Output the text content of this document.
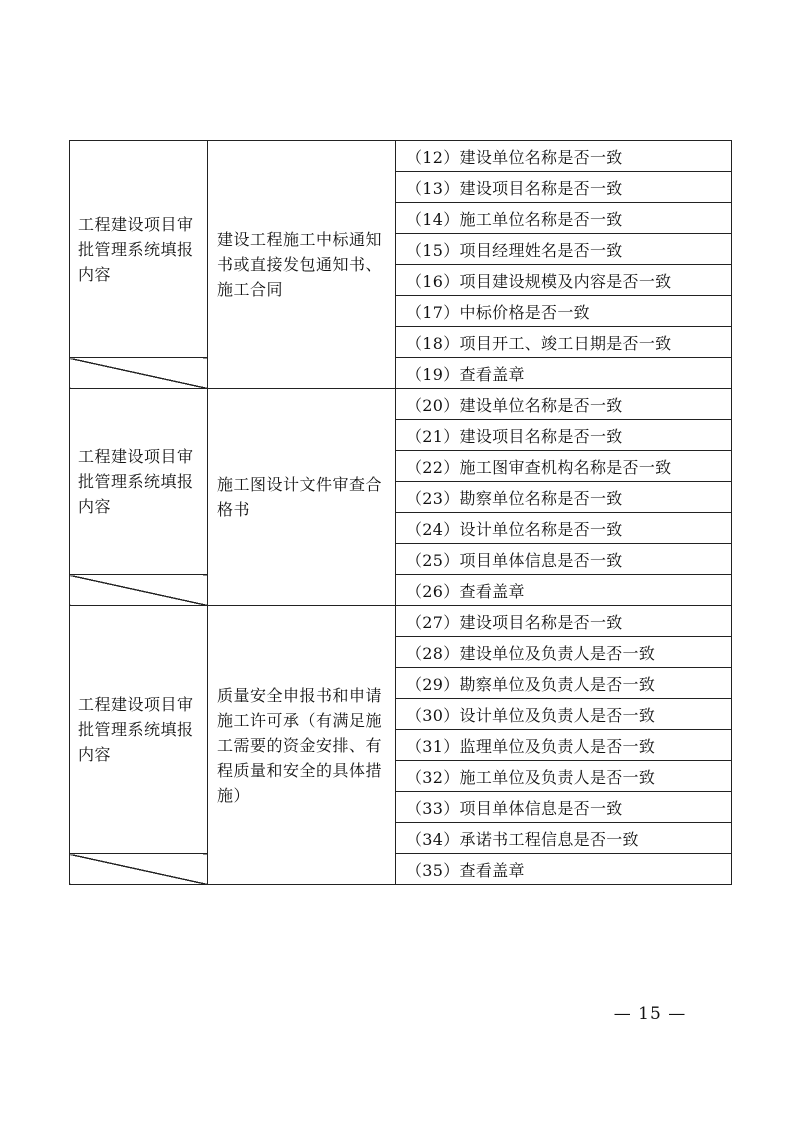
工程建设项目审批管理系统填报内容	建设工程施工中标通知书或直接发包通知书、施工合同	（12）建设单位名称是否一致
		（13）建设项目名称是否一致
		（14）施工单位名称是否一致
		（15）项目经理姓名是否一致
		（16）项目建设规模及内容是否一致
		（17）中标价格是否一致
		（18）项目开工、竣工日期是否一致
		（19）查看盖章

工程建设项目审批管理系统填报内容	施工图设计文件审查合格书	（20）建设单位名称是否一致
		（21）建设项目名称是否一致
		（22）施工图审查机构名称是否一致
		（23）勘察单位名称是否一致
		（24）设计单位名称是否一致
		（25）项目单体信息是否一致
		（26）查看盖章

工程建设项目审批管理系统填报内容	质量安全申报书和申请施工许可承（有满足施工需要的资金安排、有程质量和安全的具体措施）	（27）建设项目名称是否一致
		（28）建设单位及负责人是否一致
		（29）勘察单位及负责人是否一致
		（30）设计单位及负责人是否一致
		（31）监理单位及负责人是否一致
		（32）施工单位及负责人是否一致
		（33）项目单体信息是否一致
		（34）承诺书工程信息是否一致
		（35）查看盖章
— 15 —
